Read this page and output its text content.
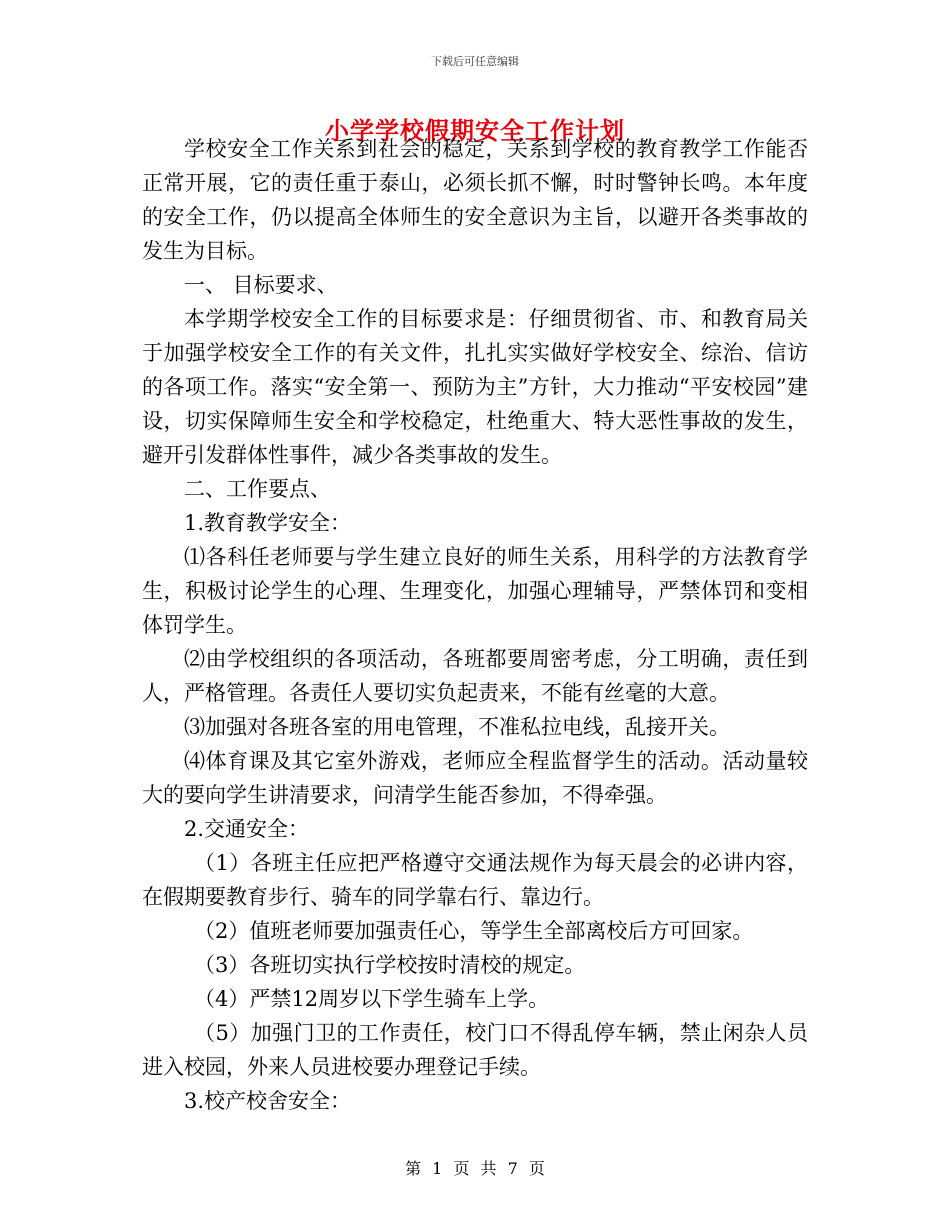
下载后可任意编辑
小学学校假期安全工作计划

学校安全工作关系到社会的稳定，关系到学校的教育教学工作能否正常开展，它的责任重于泰山，必须长抓不懈，时时警钟长鸣。本年度的安全工作，仍以提高全体师生的安全意识为主旨，以避开各类事故的发生为目标。

一、 目标要求、

本学期学校安全工作的目标要求是：仔细贯彻省、市、和教育局关于加强学校安全工作的有关文件，扎扎实实做好学校安全、综治、信访的各项工作。落实“安全第一、预防为主”方针，大力推动“平安校园”建设，切实保障师生安全和学校稳定，杜绝重大、特大恶性事故的发生，避开引发群体性事件，减少各类事故的发生。

二、工作要点、

1.教育教学安全：

⑴各科任老师要与学生建立良好的师生关系，用科学的方法教育学生，积极讨论学生的心理、生理变化，加强心理辅导，严禁体罚和变相体罚学生。

⑵由学校组织的各项活动，各班都要周密考虑，分工明确，责任到人，严格管理。各责任人要切实负起责来，不能有丝毫的大意。

⑶加强对各班各室的用电管理，不准私拉电线，乱接开关。

⑷体育课及其它室外游戏，老师应全程监督学生的活动。活动量较大的要向学生讲清要求，问清学生能否参加，不得牵强。

2.交通安全：

（1）各班主任应把严格遵守交通法规作为每天晨会的必讲内容，在假期要教育步行、骑车的同学靠右行、靠边行。

（2）值班老师要加强责任心，等学生全部离校后方可回家。

（3）各班切实执行学校按时清校的规定。

（4）严禁12周岁以下学生骑车上学。

（5）加强门卫的工作责任，校门口不得乱停车辆，禁止闲杂人员进入校园，外来人员进校要办理登记手续。

3.校产校舍安全：

第 1 页 共 7 页
